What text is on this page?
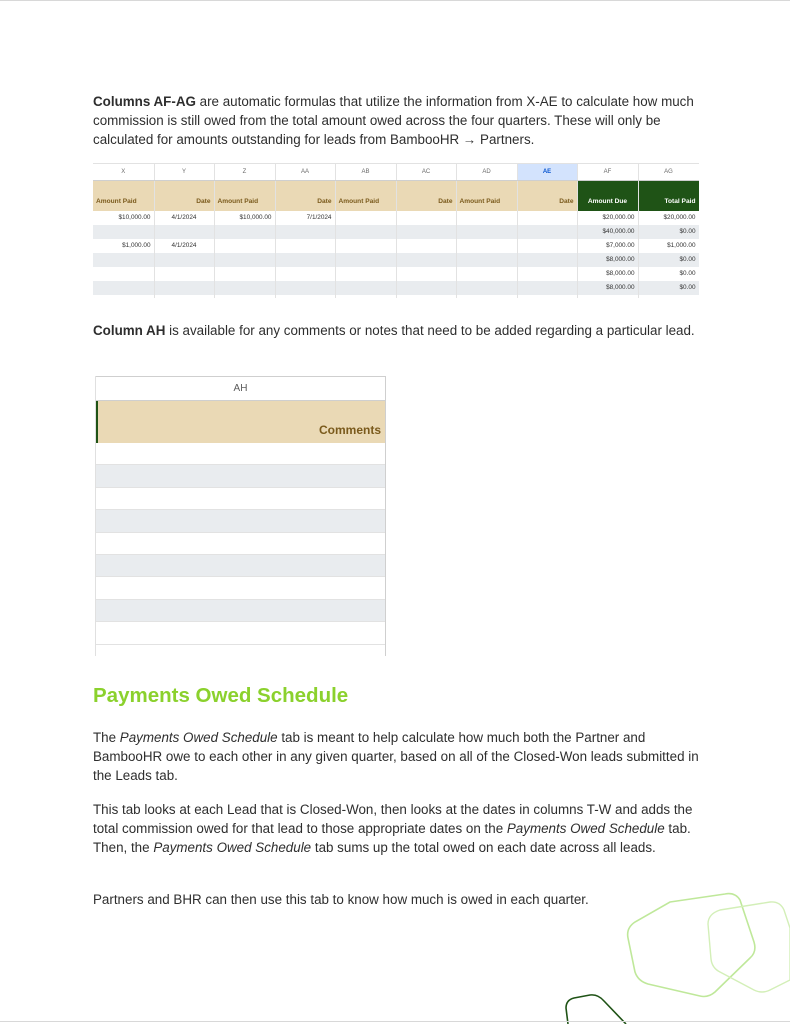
Columns AF-AG are automatic formulas that utilize the information from X-AE to calculate how much commission is still owed from the total amount owed across the four quarters. These will only be calculated for amounts outstanding for leads from BambooHR → Partners.

X	Y	Z	AA	AB	AC	AD	AE	AF	AG
Amount Paid	Date	Amount Paid	Date	Amount Paid	Date	Amount Paid	Date	Amount Due	Total Paid
$10,000.00	4/1/2024	$10,000.00	7/1/2024					$20,000.00	$20,000.00
								$40,000.00	$0.00
$1,000.00	4/1/2024							$7,000.00	$1,000.00
								$8,000.00	$0.00
								$8,000.00	$0.00
								$8,000.00	$0.00

Column AH is available for any comments or notes that need to be added regarding a particular lead.

AH
Comments
Payments Owed Schedule

The Payments Owed Schedule tab is meant to help calculate how much both the Partner and BambooHR owe to each other in any given quarter, based on all of the Closed-Won leads submitted in the Leads tab.

This tab looks at each Lead that is Closed-Won, then looks at the dates in columns T-W and adds the total commission owed for that lead to those appropriate dates on the Payments Owed Schedule tab. Then, the Payments Owed Schedule tab sums up the total owed on each date across all leads.

Partners and BHR can then use this tab to know how much is owed in each quarter.
